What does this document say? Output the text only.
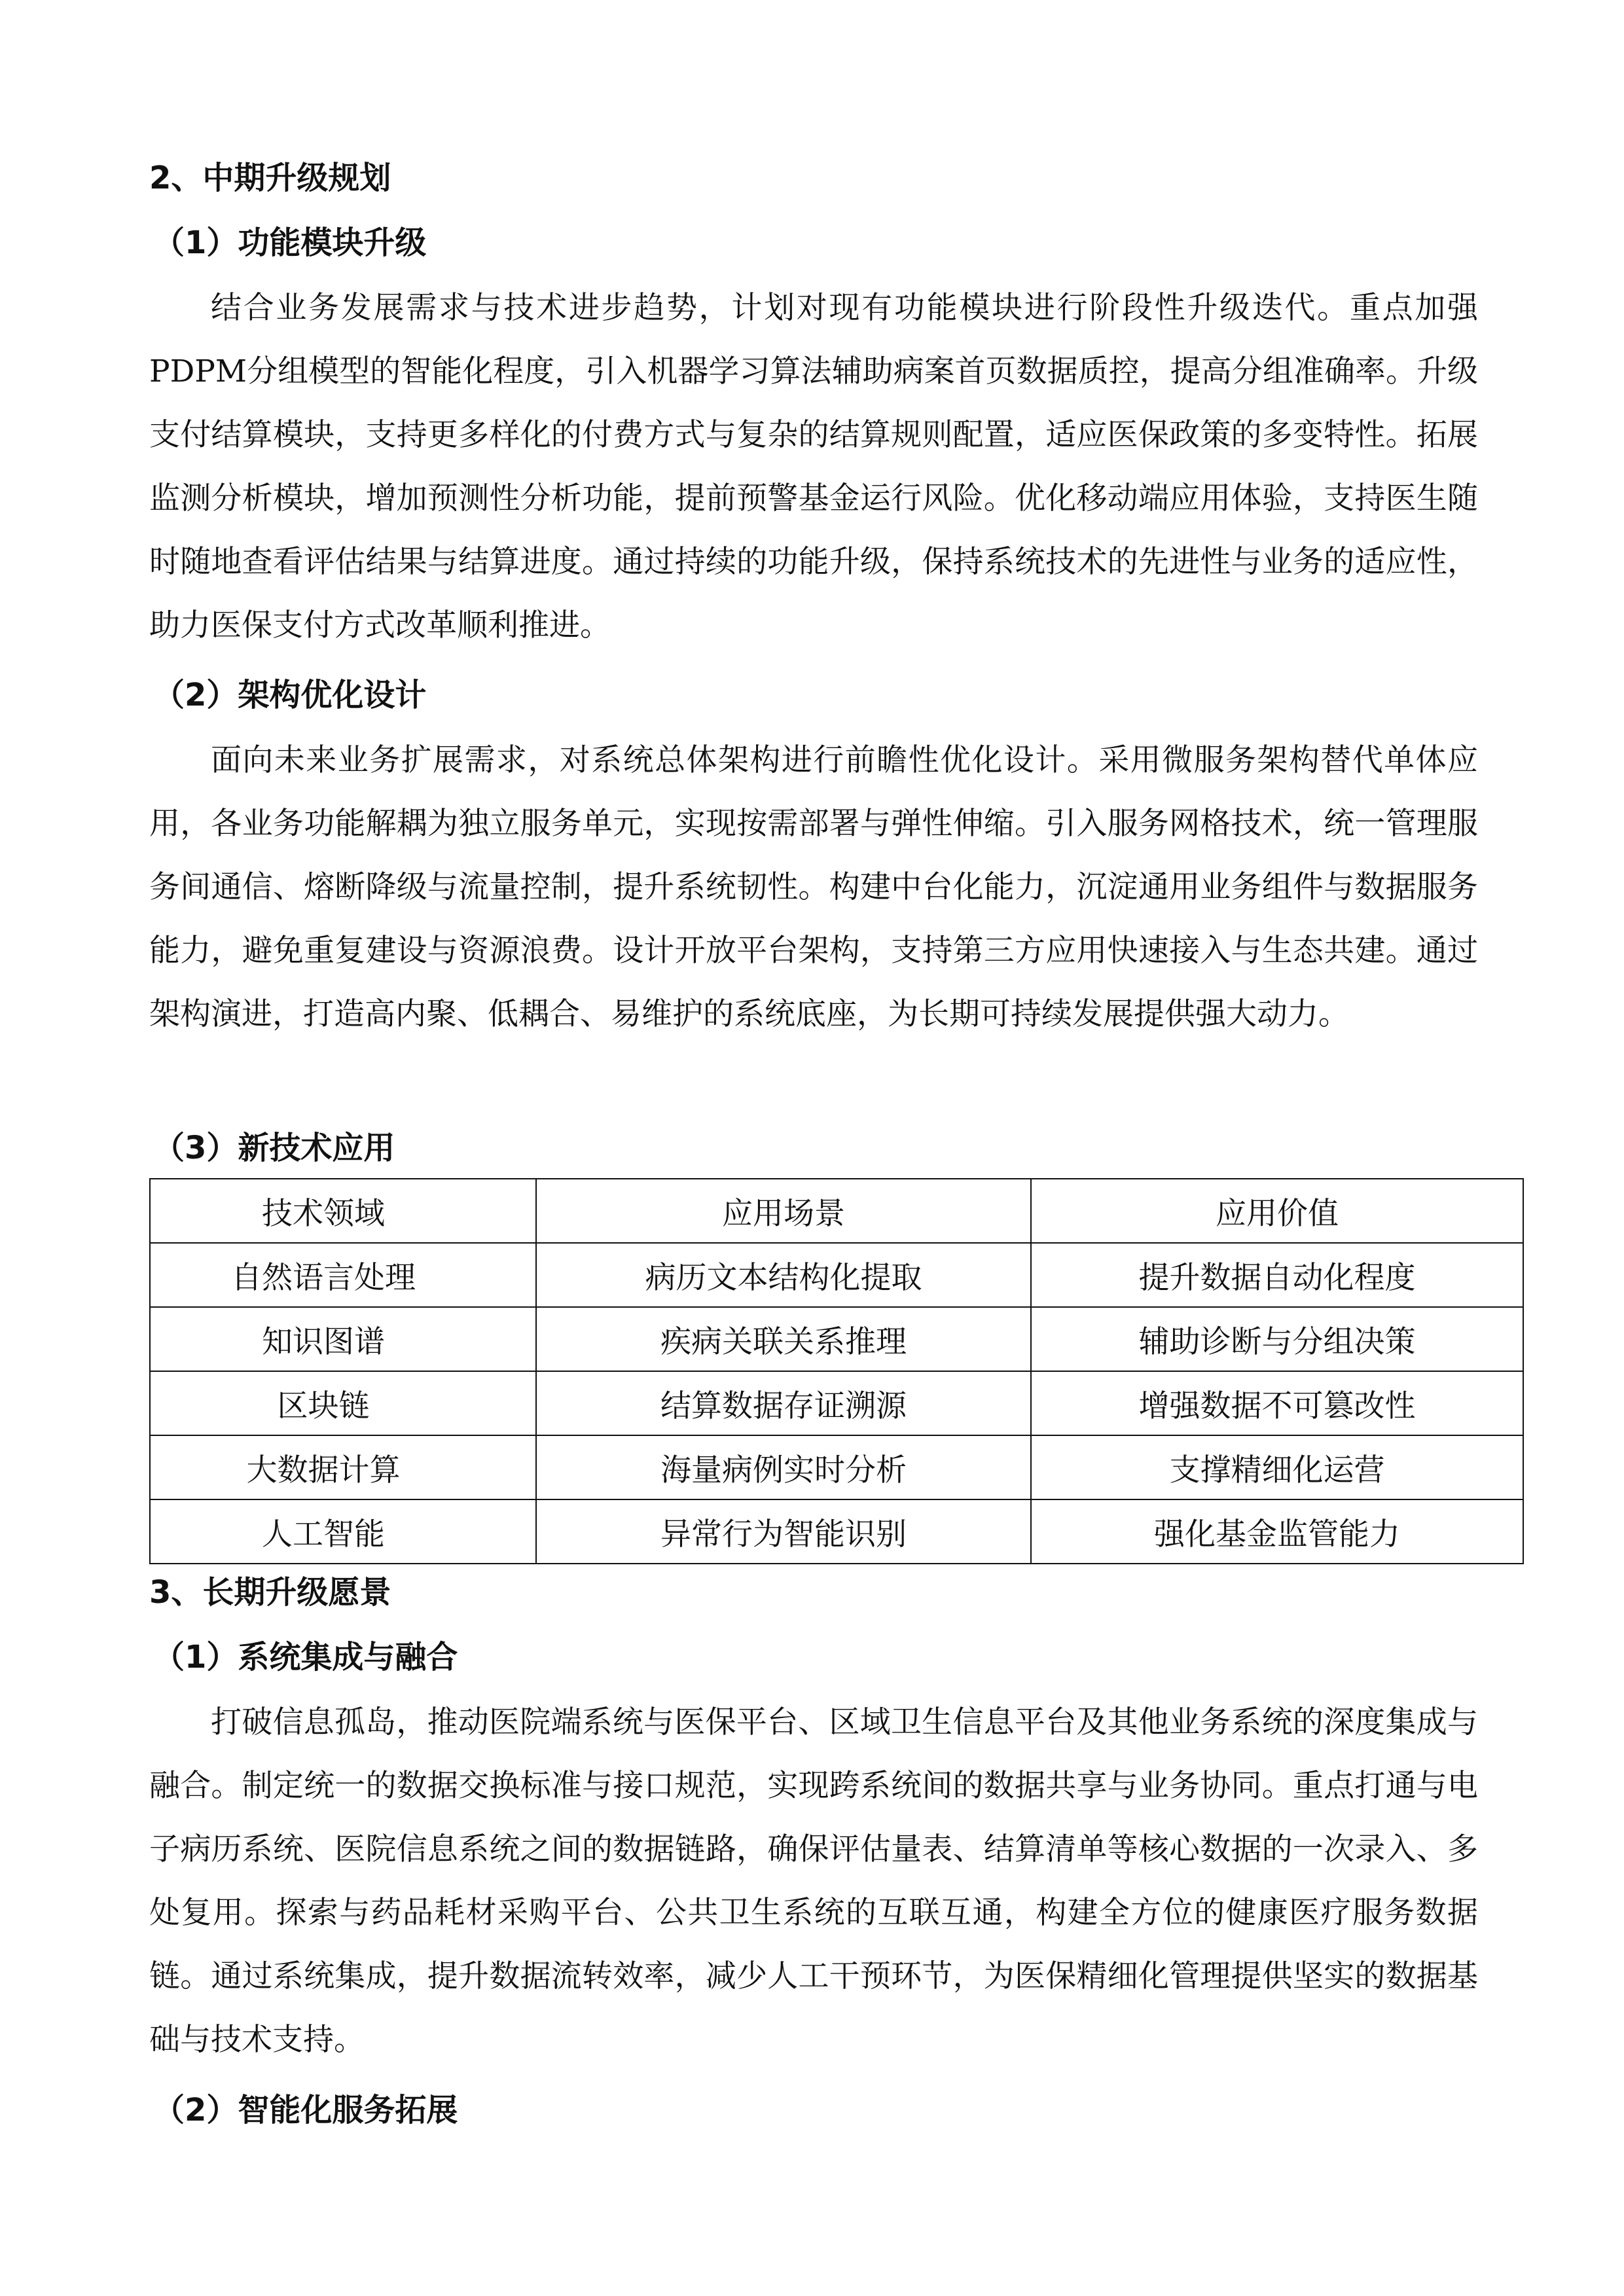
2、中期升级规划
（1）功能模块升级

结合业务发展需求与技术进步趋势，计划对现有功能模块进行阶段性升级迭代。重点加强PDPM分组模型的智能化程度，引入机器学习算法辅助病案首页数据质控，提高分组准确率。升级支付结算模块，支持更多样化的付费方式与复杂的结算规则配置，适应医保政策的多变特性。拓展监测分析模块，增加预测性分析功能，提前预警基金运行风险。优化移动端应用体验，支持医生随时随地查看评估结果与结算进度。通过持续的功能升级，保持系统技术的先进性与业务的适应性，助力医保支付方式改革顺利推进。

（2）架构优化设计

面向未来业务扩展需求，对系统总体架构进行前瞻性优化设计。采用微服务架构替代单体应用，各业务功能解耦为独立服务单元，实现按需部署与弹性伸缩。引入服务网格技术，统一管理服务间通信、熔断降级与流量控制，提升系统韧性。构建中台化能力，沉淀通用业务组件与数据服务能力，避免重复建设与资源浪费。设计开放平台架构，支持第三方应用快速接入与生态共建。通过架构演进，打造高内聚、低耦合、易维护的系统底座，为长期可持续发展提供强大动力。

（3）新技术应用
技术领域	应用场景	应用价值
自然语言处理	病历文本结构化提取	提升数据自动化程度
知识图谱	疾病关联关系推理	辅助诊断与分组决策
区块链	结算数据存证溯源	增强数据不可篡改性
大数据计算	海量病例实时分析	支撑精细化运营
人工智能	异常行为智能识别	强化基金监管能力
3、长期升级愿景
（1）系统集成与融合

打破信息孤岛，推动医院端系统与医保平台、区域卫生信息平台及其他业务系统的深度集成与融合。制定统一的数据交换标准与接口规范，实现跨系统间的数据共享与业务协同。重点打通与电子病历系统、医院信息系统之间的数据链路，确保评估量表、结算清单等核心数据的一次录入、多处复用。探索与药品耗材采购平台、公共卫生系统的互联互通，构建全方位的健康医疗服务数据链。通过系统集成，提升数据流转效率，减少人工干预环节，为医保精细化管理提供坚实的数据基础与技术支持。

（2）智能化服务拓展
